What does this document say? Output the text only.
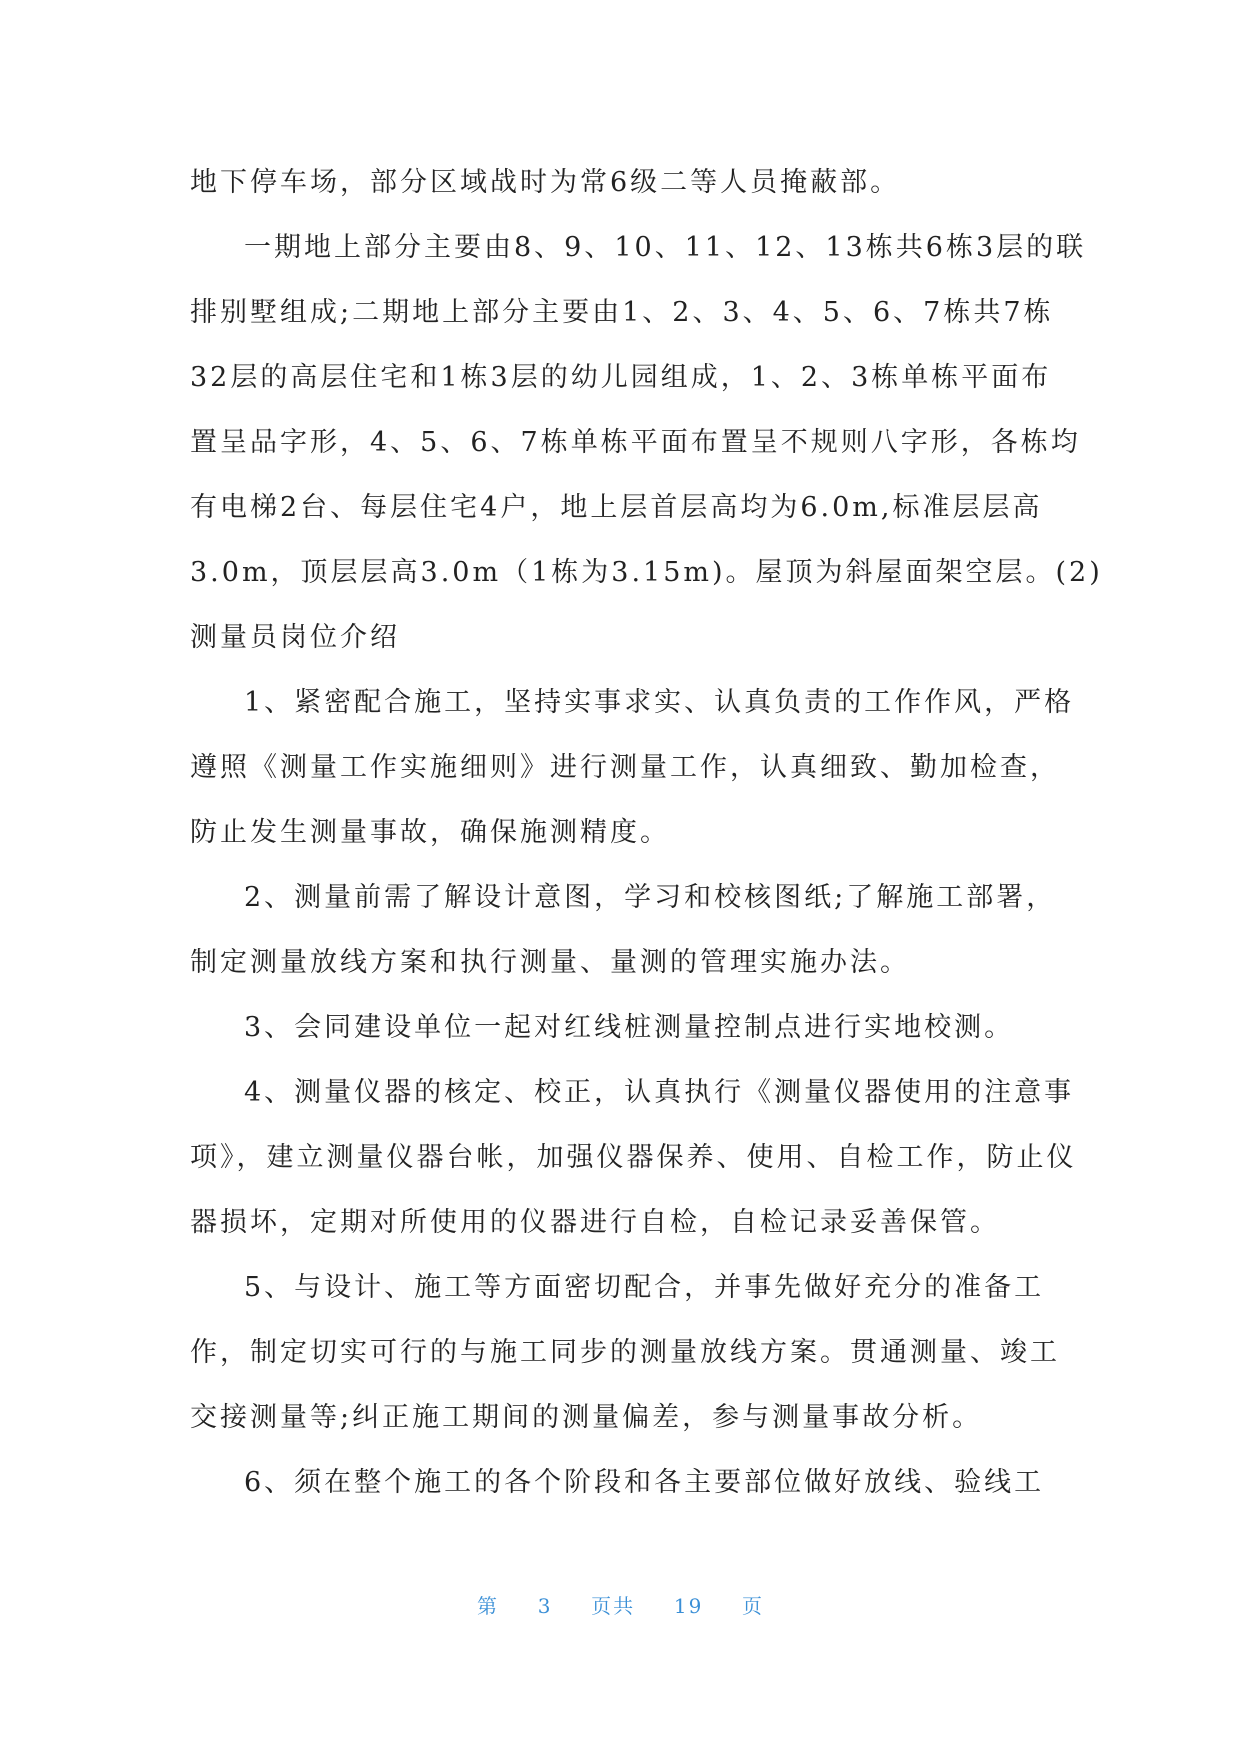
地下停车场，部分区域战时为常6级二等人员掩蔽部。
一期地上部分主要由8、9、10、11、12、13栋共6栋3层的联
排别墅组成;二期地上部分主要由1、2、3、4、5、6、7栋共7栋
32层的高层住宅和1栋3层的幼儿园组成，1、2、3栋单栋平面布
置呈品字形，4、5、6、7栋单栋平面布置呈不规则八字形，各栋均
有电梯2台、每层住宅4户，地上层首层高均为6.0m,标准层层高
3.0m，顶层层高3.0m（1栋为3.15m)。屋顶为斜屋面架空层。(2)
测量员岗位介绍
1、紧密配合施工，坚持实事求实、认真负责的工作作风，严格
遵照《测量工作实施细则》进行测量工作，认真细致、勤加检查，
防止发生测量事故，确保施测精度。
2、测量前需了解设计意图，学习和校核图纸;了解施工部署，
制定测量放线方案和执行测量、量测的管理实施办法。
3、会同建设单位一起对红线桩测量控制点进行实地校测。
4、测量仪器的核定、校正，认真执行《测量仪器使用的注意事
项》，建立测量仪器台帐，加强仪器保养、使用、自检工作，防止仪
器损坏，定期对所使用的仪器进行自检，自检记录妥善保管。
5、与设计、施工等方面密切配合，并事先做好充分的准备工
作，制定切实可行的与施工同步的测量放线方案。贯通测量、竣工
交接测量等;纠正施工期间的测量偏差，参与测量事故分析。
6、须在整个施工的各个阶段和各主要部位做好放线、验线工
第 3 页共 19 页
